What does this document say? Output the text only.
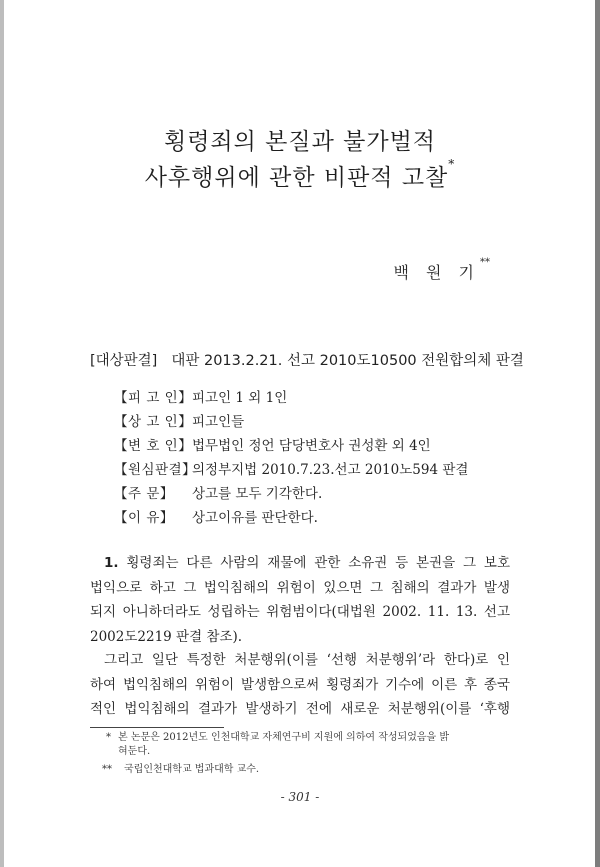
횡령죄의 본질과 불가벌적
사후행위에 관한 비판적 고찰*
백 원 기**
[대상판결] 대판 2013.2.21. 선고 2010도10500 전원합의체 판결
【피 고 인】 피고인 1 외 1인
【상 고 인】 피고인들
【변 호 인】 법무법인 정언 담당변호사 권성환 외 4인
【원심판결】
의정부지법 2010.7.23.선고 2010노594 판결
【주 문】	상고를 모두 기각한다.
【이 유】	상고이유를 판단한다.
1. 횡령죄는 다른 사람의 재물에 관한 소유권 등 본권을 그 보호
법익으로 하고 그 법익침해의 위험이 있으면 그 침해의 결과가 발생
되지 아니하더라도 성립하는 위험범이다(대법원 2002. 11. 13. 선고
2002도2219 판결 참조).
그리고 일단 특정한 처분행위(이를 ‘선행 처분행위’라 한다)로 인
하여 법익침해의 위험이 발생함으로써 횡령죄가 기수에 이른 후 종국
적인 법익침해의 결과가 발생하기 전에 새로운 처분행위(이를 ‘후행
* 본 논문은 2012년도 인천대학교 자체연구비 지원에 의하여 작성되었음을 밝
혀둔다.
** 국립인천대학교 법과대학 교수.
- 301 -
